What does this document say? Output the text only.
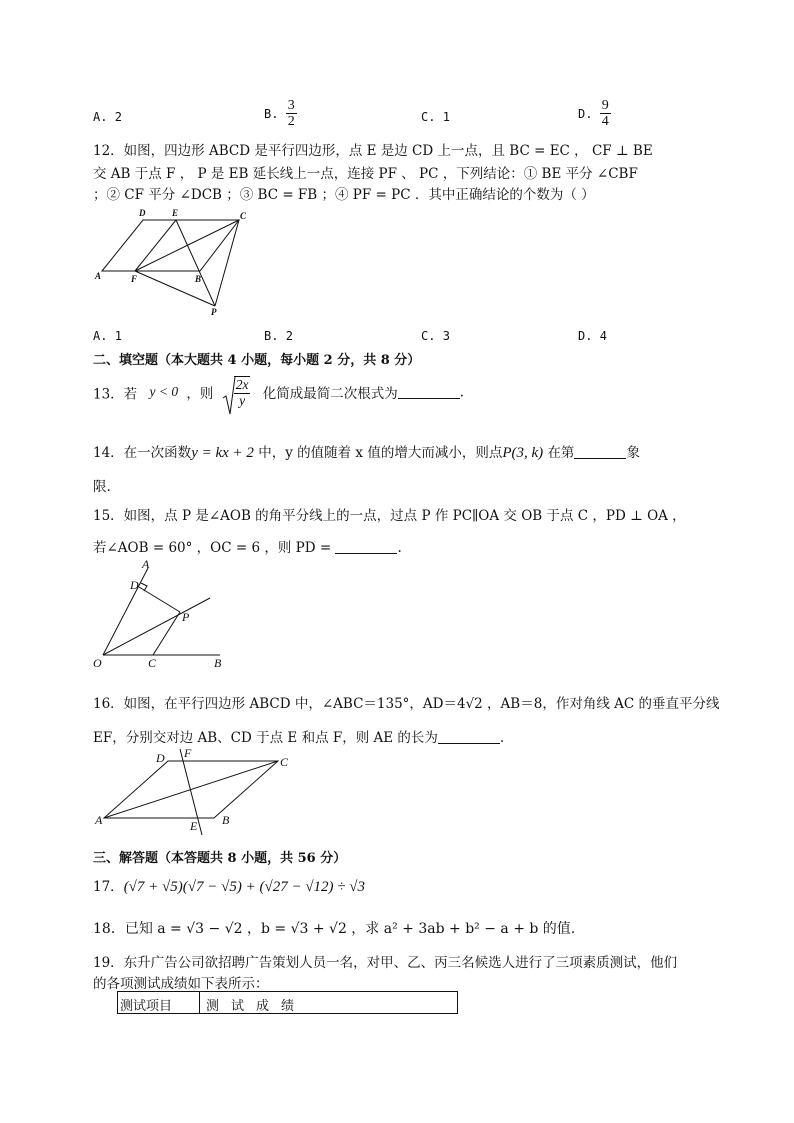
A. 2	B. $\frac{3}{2}$	C. 1	D. $\frac{9}{4}$
12．如图，四边形 ABCD 是平行四边形，点 E 是边 CD 上一点，且 BC = EC ， CF ⊥ BE
交 AB 于点 F ， P 是 EB 延长线上一点，连接 PF 、 PC ，下列结论：① BE 平分 ∠CBF
；② CF 平分 ∠DCB ；③ BC = FB ；④ PF = PC ．其中正确结论的个数为（ ）
D	E	C
A	F	B
P
A. 1	B. 2	C. 3	D. 4
二、填空题（本大题共 4 小题，每小题 2 分，共 8 分）
13．若 y < 0 ，则 $\frac{2x}{y}$ 化简成最简二次根式为	.
14．在一次函数y = kx + 2 中，y 的值随着 x 值的增大而减小，则点P(3, k) 在第	象
限.
15．如图，点 P 是∠AOB 的角平分线上的一点，过点 P 作 PC∥OA 交 OB 于点 C ，PD ⊥ OA ，
若∠AOB = 60° ，OC = 6 ，则 PD =	.
A
D
P
O	C	B
16．如图，在平行四边形 ABCD 中，∠ABC＝135°，AD＝4√2 ，AB＝8，作对角线 AC 的垂直平分线
EF，分别交对边 AB、CD 于点 E 和点 F，则 AE 的长为	.
D F
C
A	E B
三、解答题（本答题共 8 小题，共 56 分）
17．(√7 + √5)(√7 − √5) + (√27 − √12) ÷ √3
18．已知 a = √3 − √2 ，b = √3 + √2 ，求 a² + 3ab + b² − a + b 的值.
19．东升广告公司欲招聘广告策划人员一名，对甲、乙、丙三名候选人进行了三项素质测试，他们
的各项测试成绩如下表所示：
测试项目	测试成绩
